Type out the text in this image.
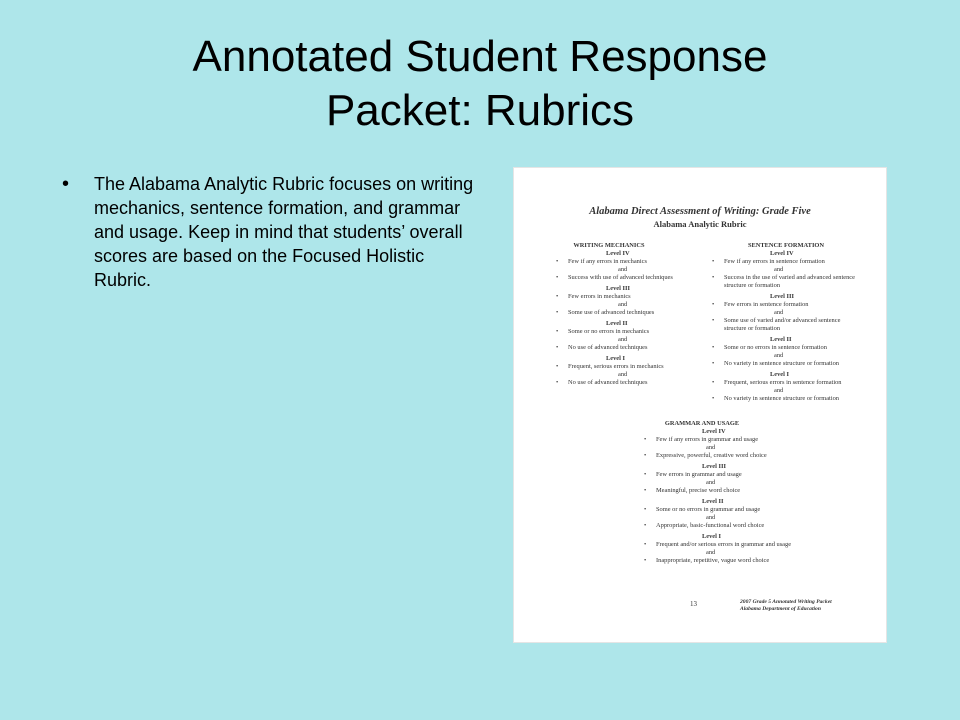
Annotated Student Response
Packet: Rubrics
• The Alabama Analytic Rubric focuses on writing mechanics, sentence formation, and grammar and usage. Keep in mind that students’ overall scores are based on the Focused Holistic Rubric.
Alabama Direct Assessment of Writing: Grade Five
Alabama Analytic Rubric
WRITING MECHANICS
Level IV
• Few if any errors in mechanics
and
• Success with use of advanced techniques
Level III
• Few errors in mechanics
and
• Some use of advanced techniques
Level II
• Some or no errors in mechanics
and
• No use of advanced techniques
Level I
• Frequent, serious errors in mechanics
and
• No use of advanced techniques
SENTENCE FORMATION
Level IV
• Few if any errors in sentence formation
and
• Success in the use of varied and advanced sentence structure or formation
Level III
• Few errors in sentence formation
and
• Some use of varied and/or advanced sentence structure or formation
Level II
• Some or no errors in sentence formation
and
• No variety in sentence structure or formation
Level I
• Frequent, serious errors in sentence formation
and
• No variety in sentence structure or formation
GRAMMAR AND USAGE
Level IV
• Few if any errors in grammar and usage
and
• Expressive, powerful, creative word choice
Level III
• Few errors in grammar and usage
and
• Meaningful, precise word choice
Level II
• Some or no errors in grammar and usage
and
• Appropriate, basic-functional word choice
Level I
• Frequent and/or serious errors in grammar and usage
and
• Inappropriate, repetitive, vague word choice
13	2007 Grade 5 Annotated Writing Packet
Alabama Department of Education
